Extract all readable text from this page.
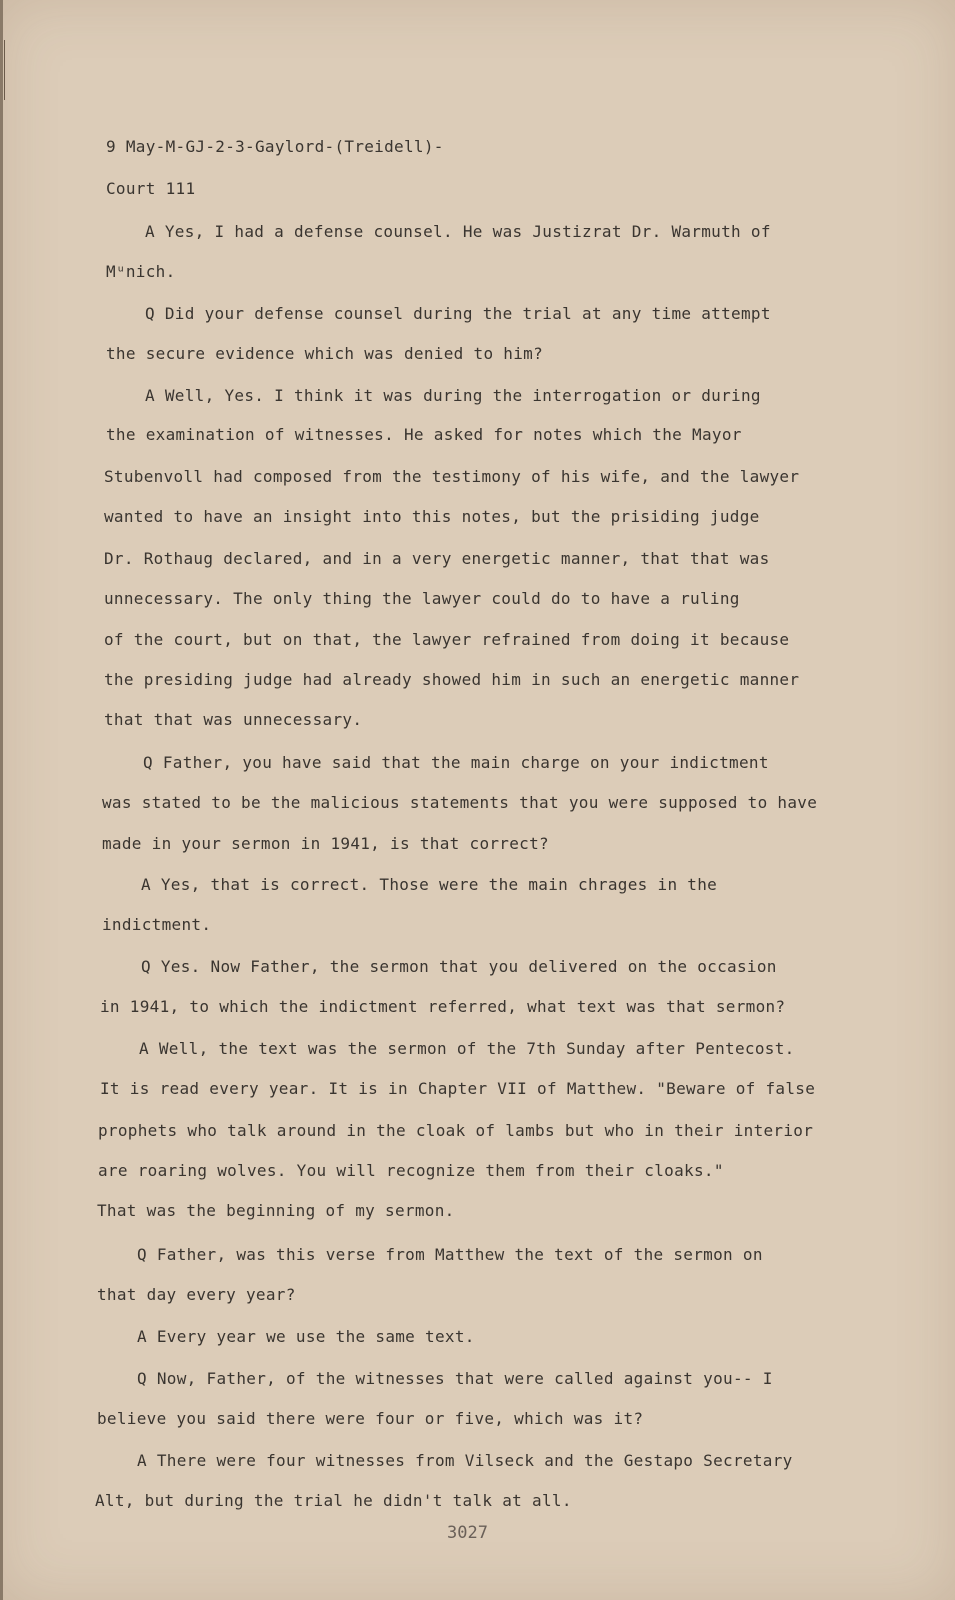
9 May-M-GJ-2-3-Gaylord-(Treidell)-
Court 111
A Yes, I had a defense counsel. He was Justizrat Dr. Warmuth of
Mᵘnich.
Q Did your defense counsel during the trial at any time attempt
the secure evidence which was denied to him?
A Well, Yes. I think it was during the interrogation or during
the examination of witnesses. He asked for notes which the Mayor
Stubenvoll had composed from the testimony of his wife, and the lawyer
wanted to have an insight into this notes, but the prisiding judge
Dr. Rothaug declared, and in a very energetic manner, that that was
unnecessary. The only thing the lawyer could do to have a ruling
of the court, but on that, the lawyer refrained from doing it because
the presiding judge had already showed him in such an energetic manner
that that was unnecessary.
Q Father, you have said that the main charge on your indictment
was stated to be the malicious statements that you were supposed to have
made in your sermon in 1941, is that correct?
A Yes, that is correct. Those were the main chrages in the
indictment.
Q Yes. Now Father, the sermon that you delivered on the occasion
in 1941, to which the indictment referred, what text was that sermon?
A Well, the text was the sermon of the 7th Sunday after Pentecost.
It is read every year. It is in Chapter VII of Matthew. "Beware of false
prophets who talk around in the cloak of lambs but who in their interior
are roaring wolves. You will recognize them from their cloaks."
That was the beginning of my sermon.
Q Father, was this verse from Matthew the text of the sermon on
that day every year?
A Every year we use the same text.
Q Now, Father, of the witnesses that were called against you-- I
believe you said there were four or five, which was it?
A There were four witnesses from Vilseck and the Gestapo Secretary
Alt, but during the trial he didn't talk at all.
3027
